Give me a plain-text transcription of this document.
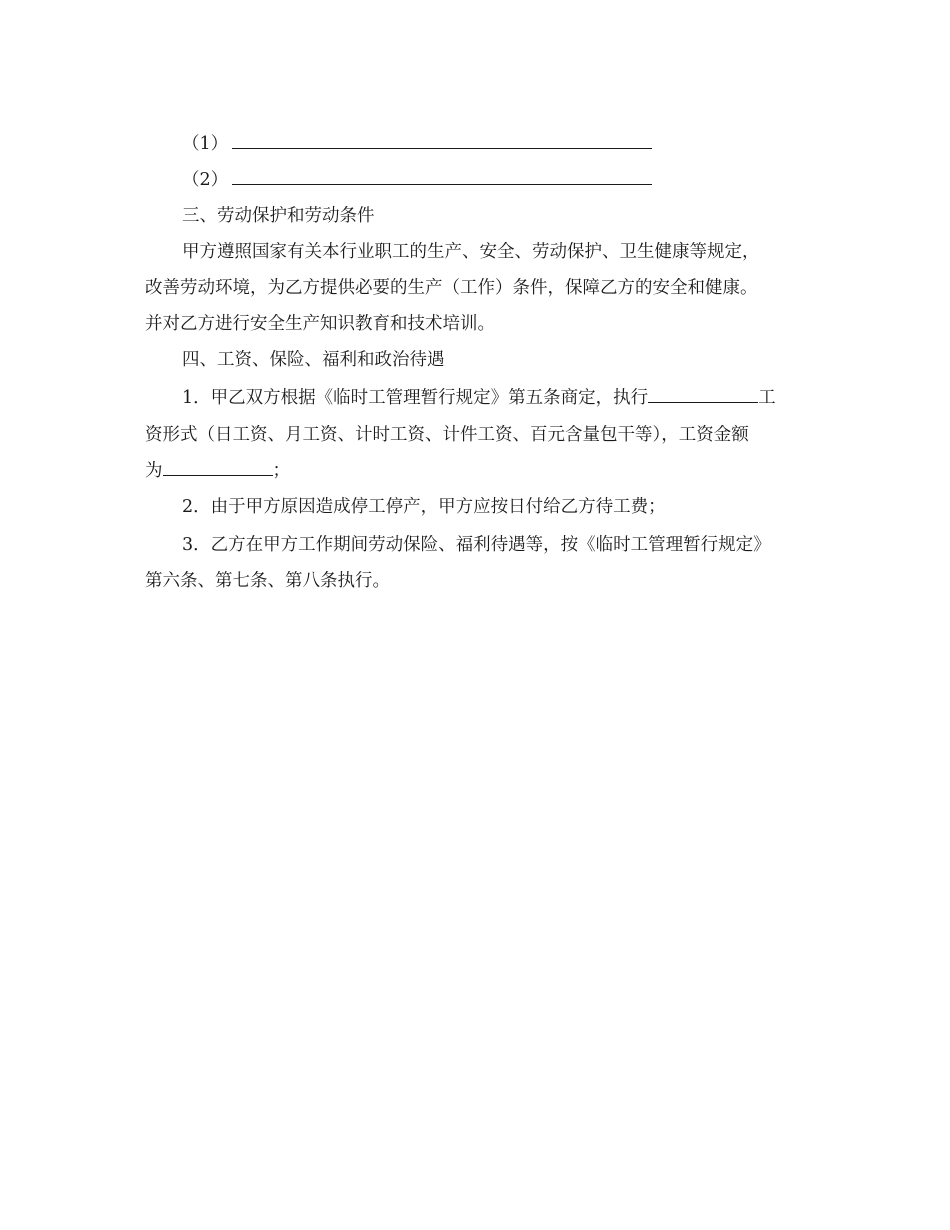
（1）
（2）
三、劳动保护和劳动条件
甲方遵照国家有关本行业职工的生产、安全、劳动保护、卫生健康等规定，
改善劳动环境，为乙方提供必要的生产（工作）条件，保障乙方的安全和健康。
并对乙方进行安全生产知识教育和技术培训。
四、工资、保险、福利和政治待遇
1．甲乙双方根据《临时工管理暂行规定》第五条商定，执行	工
资形式（日工资、月工资、计时工资、计件工资、百元含量包干等），工资金额
为	；
2．由于甲方原因造成停工停产，甲方应按日付给乙方待工费；
3．乙方在甲方工作期间劳动保险、福利待遇等，按《临时工管理暂行规定》
第六条、第七条、第八条执行。
